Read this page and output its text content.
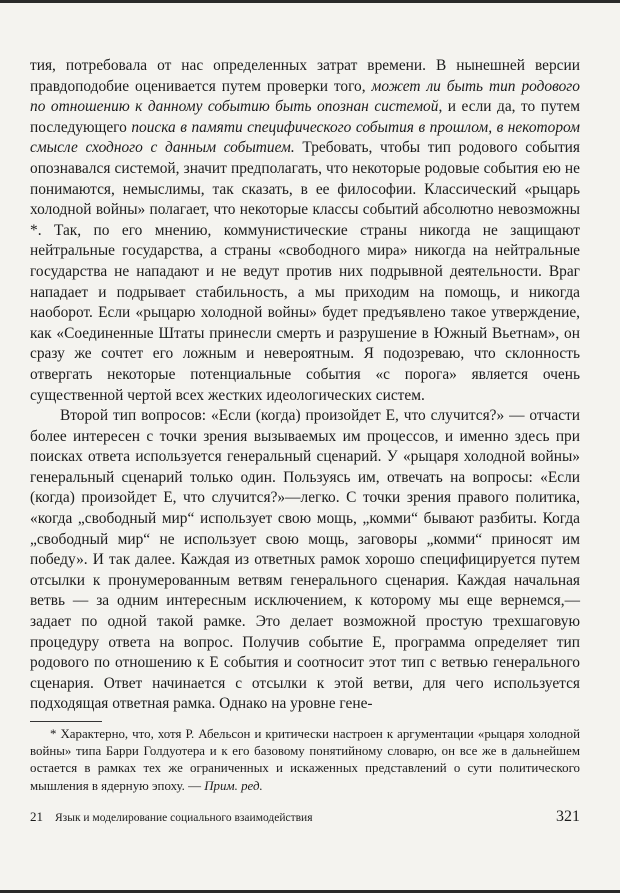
тия, потребовала от нас определенных затрат времени. В нынешней версии правдоподобие оценивается путем проверки того, может ли быть тип родового по отношению к данному событию быть опознан системой, и если да, то путем последующего поиска в памяти специфического события в прошлом, в некотором смысле сходного с данным событием. Требовать, чтобы тип родового события опознавался системой, значит предполагать, что некоторые родовые события ею не понимаются, немыслимы, так сказать, в ее философии. Классический «рыцарь холодной войны» полагает, что некоторые классы событий абсолютно невозможны *. Так, по его мнению, коммунистические страны никогда не защищают нейтральные государства, а страны «свободного мира» никогда на нейтральные государства не нападают и не ведут против них подрывной деятельности. Враг нападает и подрывает стабильность, а мы приходим на помощь, и никогда наоборот. Если «рыцарю холодной войны» будет предъявлено такое утверждение, как «Соединенные Штаты принесли смерть и разрушение в Южный Вьетнам», он сразу же сочтет его ложным и невероятным. Я подозреваю, что склонность отвергать некоторые потенциальные события «с порога» является очень существенной чертой всех жестких идеологических систем.

Второй тип вопросов: «Если (когда) произойдет Е, что случится?» — отчасти более интересен с точки зрения вызываемых им процессов, и именно здесь при поисках ответа используется генеральный сценарий. У «рыцаря холодной войны» генеральный сценарий только один. Пользуясь им, отвечать на вопросы: «Если (когда) произойдет Е, что случится?»—легко. С точки зрения правого политика, «когда „свободный мир“ использует свою мощь, „комми“ бывают разбиты. Когда „свободный мир“ не использует свою мощь, заговоры „комми“ приносят им победу». И так далее. Каждая из ответных рамок хорошо специфицируется путем отсылки к пронумерованным ветвям генерального сценария. Каждая начальная ветвь — за одним интересным исключением, к которому мы еще вернемся,— задает по одной такой рамке. Это делает возможной простую трехшаговую процедуру ответа на вопрос. Получив событие Е, программа определяет тип родового по отношению к Е события и соотносит этот тип с ветвью генерального сценария. Ответ начинается с отсылки к этой ветви, для чего используется подходящая ответная рамка. Однако на уровне гене-

* Характерно, что, хотя Р. Абельсон и критически настроен к аргументации «рыцаря холодной войны» типа Барри Голдуотера и к его базовому понятийному словарю, он все же в дальнейшем остается в рамках тех же ограниченных и искаженных представлений о сути политического мышления в ядерную эпоху. — Прим. ред.
21 Язык и моделирование социального взаимодействия	321
